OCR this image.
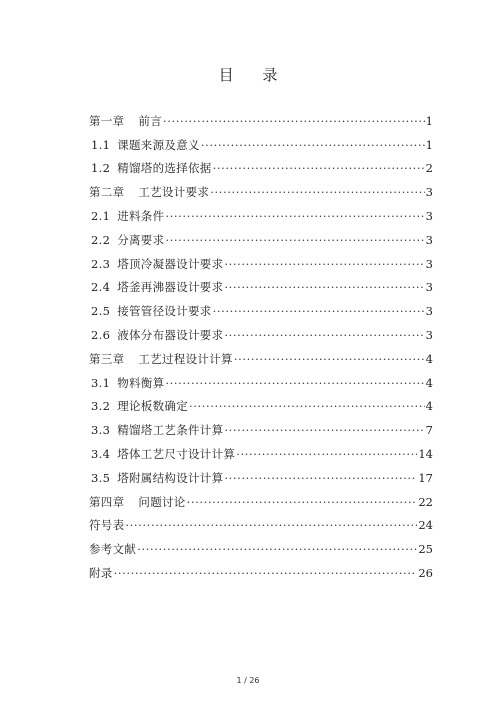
目 录
第一章 前言 ·····	1
1.1 课题来源及意义 ·····	1
1.2 精馏塔的选择依据 ·····	2
第二章 工艺设计要求 ·····	3
2.1 进料条件 ·····	3
2.2 分离要求 ·····	3
2.3 塔顶冷凝器设计要求 ·····	3
2.4 塔釜再沸器设计要求 ·····	3
2.5 接管管径设计要求 ·····	3
2.6 液体分布器设计要求 ·····	3
第三章 工艺过程设计计算 ·····	4
3.1 物料衡算 ·····	4
3.2 理论板数确定 ·····	4
3.3 精馏塔工艺条件计算 ·····	7
3.4 塔体工艺尺寸设计计算 ·····	14
3.5 塔附属结构设计计算 ·····	17
第四章 问题讨论 ·····	22
符号表 ·····	24
参考文献 ·····	25
附录 ·····	26
1 / 26
